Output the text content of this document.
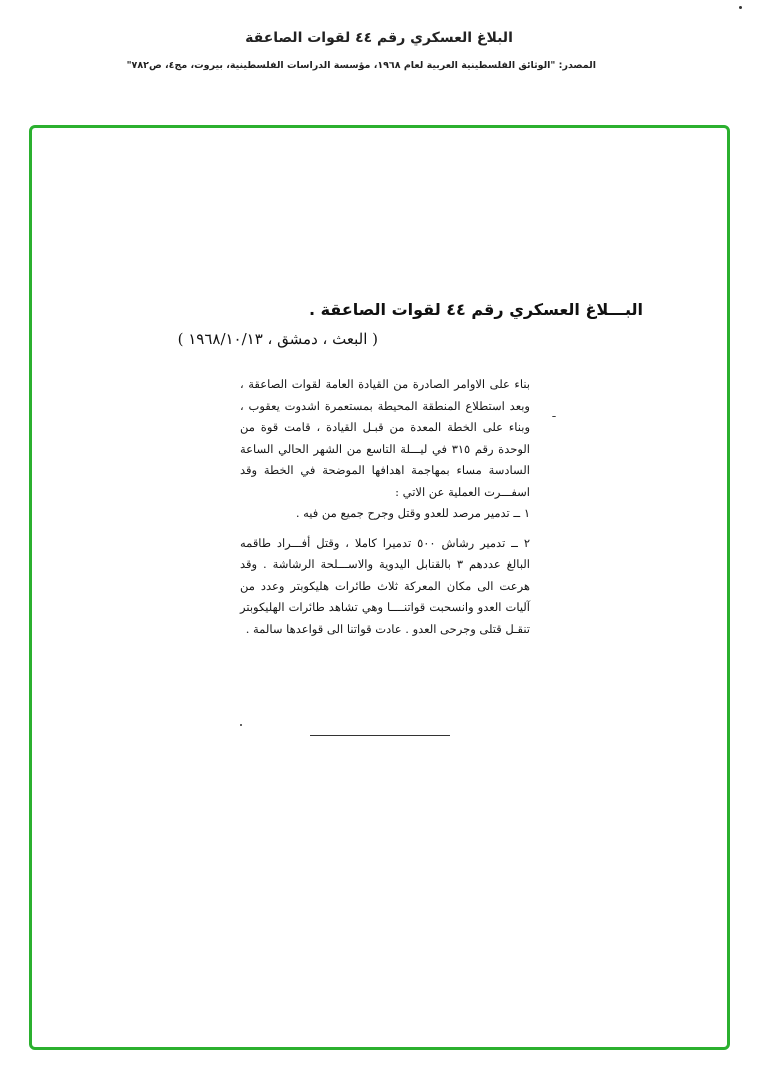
البلاغ العسكري رقم ٤٤ لقوات الصاعقة
المصدر: "الوثائق الفلسطينية العربية لعام ١٩٦٨، مؤسسة الدراسات الفلسطينية، بيروت، مج٤، ص٧٨٢"
البـــلاغ العسكري رقم ٤٤ لقوات الصاعقة .
( البعث ، دمشق ، ١٩٦٨/١٠/١٣ )

بناء على الاوامر الصادرة من القيادة العامة لقوات الصاعقة ، وبعد استطلاع المنطقة المحيطة بمستعمرة اشدوت يعقوب ، وبناء على الخطة المعدة من قبـل القيادة ، قامت قوة من الوحدة رقم ٣١٥ في ليـــلة التاسع من الشهر الحالي الساعة السادسة مساء بمهاجمة اهدافها الموضحة في الخطة وقد اسفـــرت العملية عن الاتي :

١ ــ تدمير مرصد للعدو وقتل وجرح جميع من فيه .

٢ ــ تدمير رشاش ٥٠٠ تدميرا كاملا ، وقتل أفـــراد طاقمه البالغ عددهم ٣ بالقنابل اليدوية والاســـلحة الرشاشة . وقد هرعت الى مكان المعركة ثلاث طائرات هليكوبتر وعدد من آليات العدو وانسحبت قواتنــــا وهي تشاهد طائرات الهليكوبتر تنقـل قتلى وجرحى العدو . عادت قواتنا الى قواعدها سالمة .
